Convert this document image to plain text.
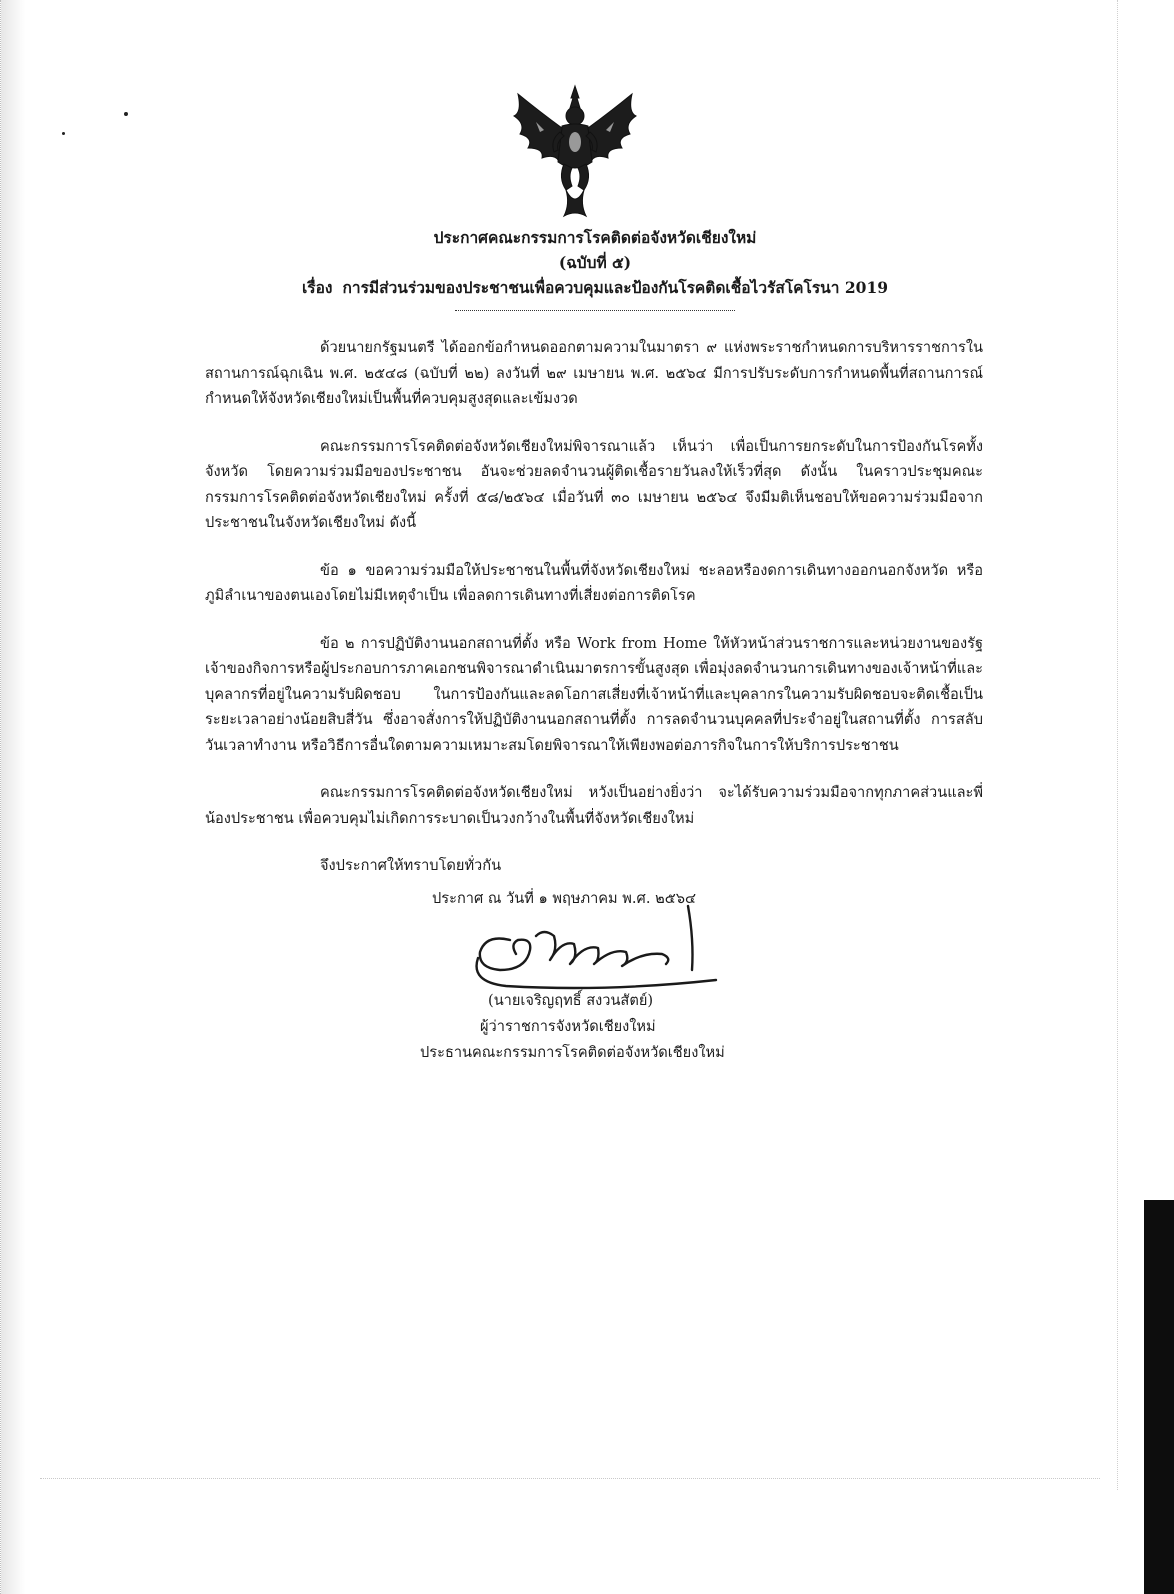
ประกาศคณะกรรมการโรคติดต่อจังหวัดเชียงใหม่

(ฉบับที่ ๕)

เรื่อง การมีส่วนร่วมของประชาชนเพื่อควบคุมและป้องกันโรคติดเชื้อไวรัสโคโรนา 2019

ด้วยนายกรัฐมนตรี ได้ออกข้อกำหนดออกตามความในมาตรา ๙ แห่งพระราชกำหนดการบริหารราชการในสถานการณ์ฉุกเฉิน พ.ศ. ๒๕๔๘ (ฉบับที่ ๒๒) ลงวันที่ ๒๙ เมษายน พ.ศ. ๒๕๖๔ มีการปรับระดับการกำหนดพื้นที่สถานการณ์ กำหนดให้จังหวัดเชียงใหม่เป็นพื้นที่ควบคุมสูงสุดและเข้มงวด

คณะกรรมการโรคติดต่อจังหวัดเชียงใหม่พิจารณาแล้ว เห็นว่า เพื่อเป็นการยกระดับในการป้องกันโรคทั้งจังหวัด โดยความร่วมมือของประชาชน อันจะช่วยลดจำนวนผู้ติดเชื้อรายวันลงให้เร็วที่สุด ดังนั้น ในคราวประชุมคณะกรรมการโรคติดต่อจังหวัดเชียงใหม่ ครั้งที่ ๕๘/๒๕๖๔ เมื่อวันที่ ๓๐ เมษายน ๒๕๖๔ จึงมีมติเห็นชอบให้ขอความร่วมมือจากประชาชนในจังหวัดเชียงใหม่ ดังนี้

ข้อ ๑ ขอความร่วมมือให้ประชาชนในพื้นที่จังหวัดเชียงใหม่ ชะลอหรืองดการเดินทางออกนอกจังหวัด หรือภูมิลำเนาของตนเองโดยไม่มีเหตุจำเป็น เพื่อลดการเดินทางที่เสี่ยงต่อการติดโรค

ข้อ ๒ การปฏิบัติงานนอกสถานที่ตั้ง หรือ Work from Home ให้หัวหน้าส่วนราชการและหน่วยงานของรัฐ เจ้าของกิจการหรือผู้ประกอบการภาคเอกชนพิจารณาดำเนินมาตรการขั้นสูงสุด เพื่อมุ่งลดจำนวนการเดินทางของเจ้าหน้าที่และบุคลากรที่อยู่ในความรับผิดชอบ ในการป้องกันและลดโอกาสเสี่ยงที่เจ้าหน้าที่และบุคลากรในความรับผิดชอบจะติดเชื้อเป็นระยะเวลาอย่างน้อยสิบสี่วัน ซึ่งอาจสั่งการให้ปฏิบัติงานนอกสถานที่ตั้ง การลดจำนวนบุคคลที่ประจำอยู่ในสถานที่ตั้ง การสลับวันเวลาทำงาน หรือวิธีการอื่นใดตามความเหมาะสมโดยพิจารณาให้เพียงพอต่อภารกิจในการให้บริการประชาชน

คณะกรรมการโรคติดต่อจังหวัดเชียงใหม่ หวังเป็นอย่างยิ่งว่า จะได้รับความร่วมมือจากทุกภาคส่วนและพี่น้องประชาชน เพื่อควบคุมไม่เกิดการระบาดเป็นวงกว้างในพื้นที่จังหวัดเชียงใหม่

จึงประกาศให้ทราบโดยทั่วกัน

ประกาศ ณ วันที่ ๑ พฤษภาคม พ.ศ. ๒๕๖๔
(นายเจริญฤทธิ์ สงวนสัตย์)
ผู้ว่าราชการจังหวัดเชียงใหม่
ประธานคณะกรรมการโรคติดต่อจังหวัดเชียงใหม่
